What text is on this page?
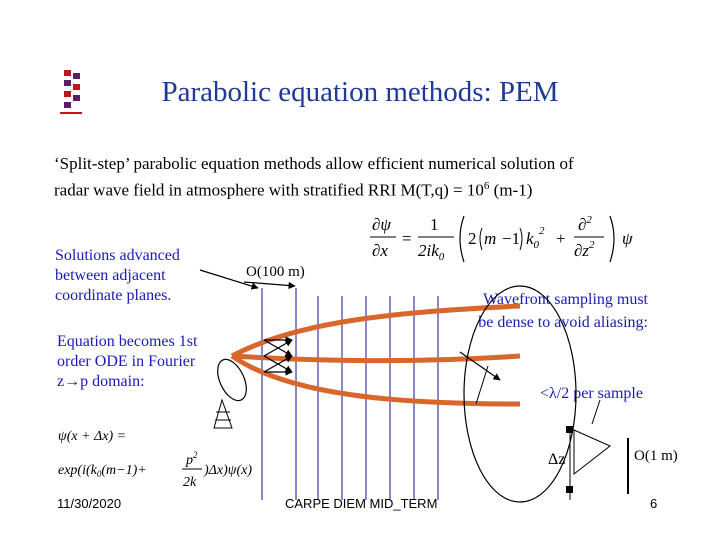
Parabolic equation methods: PEM
‘Split-step’ parabolic equation methods allow efficient numerical solution of
radar wave field in atmosphere with stratified RRI $M(T,q) = 10^6$ (m-1)
Solutions advanced between adjacent coordinate planes.
Equation becomes 1st order ODE in Fourier z→p domain:
Wavefront sampling must be dense to avoid aliasing:
<λ/2 per sample
O(100 m)
O(1 m)
Δz
∂ψ
∂x
=
1
$2ik_0$
2 m −1 $k_0^2$ +
∂$^2$
$\partial z^2$ ψ
ψ(x + Δx) =
$\exp(i(k_0(m-1)+$
$p^2$
2k
)Δx)ψ(x)
11/30/2020	CARPE DIEM MID_TERM	6
